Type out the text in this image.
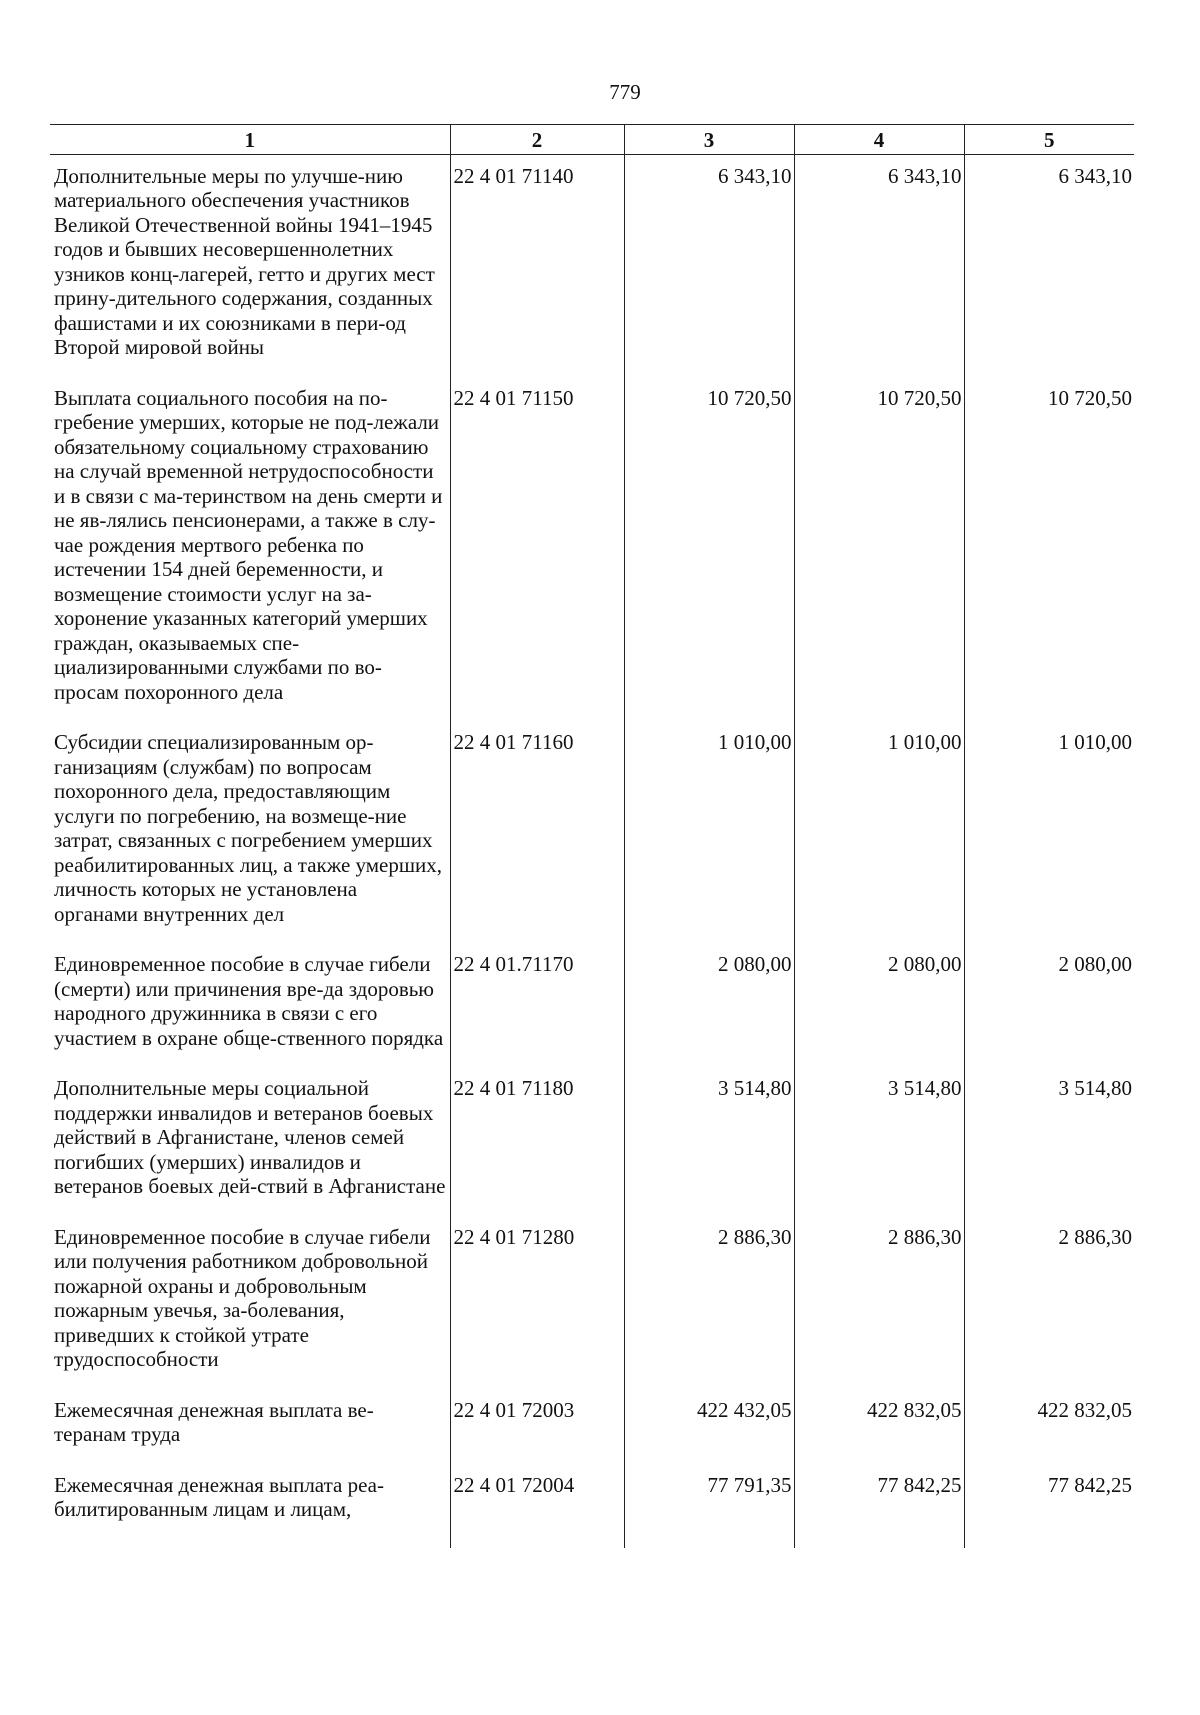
779
1	2	3	4	5
Дополнительные меры по улучше-нию материального обеспечения участников Великой Отечественной войны 1941–1945 годов и бывших несовершеннолетних узников конц-лагерей, гетто и других мест прину-дительного содержания, созданных фашистами и их союзниками в пери-од Второй мировой войны	22 4 01 71140	6 343,10	6 343,10	6 343,10
Выплата социального пособия на по-гребение умерших, которые не под-лежали обязательному социальному страхованию на случай временной нетрудоспособности и в связи с ма-теринством на день смерти и не яв-лялись пенсионерами, а также в слу-чае рождения мертвого ребенка по истечении 154 дней беременности, и возмещение стоимости услуг на за-хоронение указанных категорий умерших граждан, оказываемых спе-циализированными службами по во-просам похоронного дела	22 4 01 71150	10 720,50	10 720,50	10 720,50
Субсидии специализированным ор-ганизациям (службам) по вопросам похоронного дела, предоставляющим услуги по погребению, на возмеще-ние затрат, связанных с погребением умерших реабилитированных лиц, а также умерших, личность которых не установлена органами внутренних дел	22 4 01 71160	1 010,00	1 010,00	1 010,00
Единовременное пособие в случае гибели (смерти) или причинения вре-да здоровью народного дружинника в связи с его участием в охране обще-ственного порядка	22 4 01.71170	2 080,00	2 080,00	2 080,00
Дополнительные меры социальной поддержки инвалидов и ветеранов боевых действий в Афганистане, членов семей погибших (умерших) инвалидов и ветеранов боевых дей-ствий в Афганистане	22 4 01 71180	3 514,80	3 514,80	3 514,80
Единовременное пособие в случае гибели или получения работником добровольной пожарной охраны и добровольным пожарным увечья, за-болевания, приведших к стойкой утрате трудоспособности	22 4 01 71280	2 886,30	2 886,30	2 886,30
Ежемесячная денежная выплата ве-теранам труда	22 4 01 72003	422 432,05	422 832,05	422 832,05
Ежемесячная денежная выплата реа-билитированным лицам и лицам,	22 4 01 72004	77 791,35	77 842,25	77 842,25
